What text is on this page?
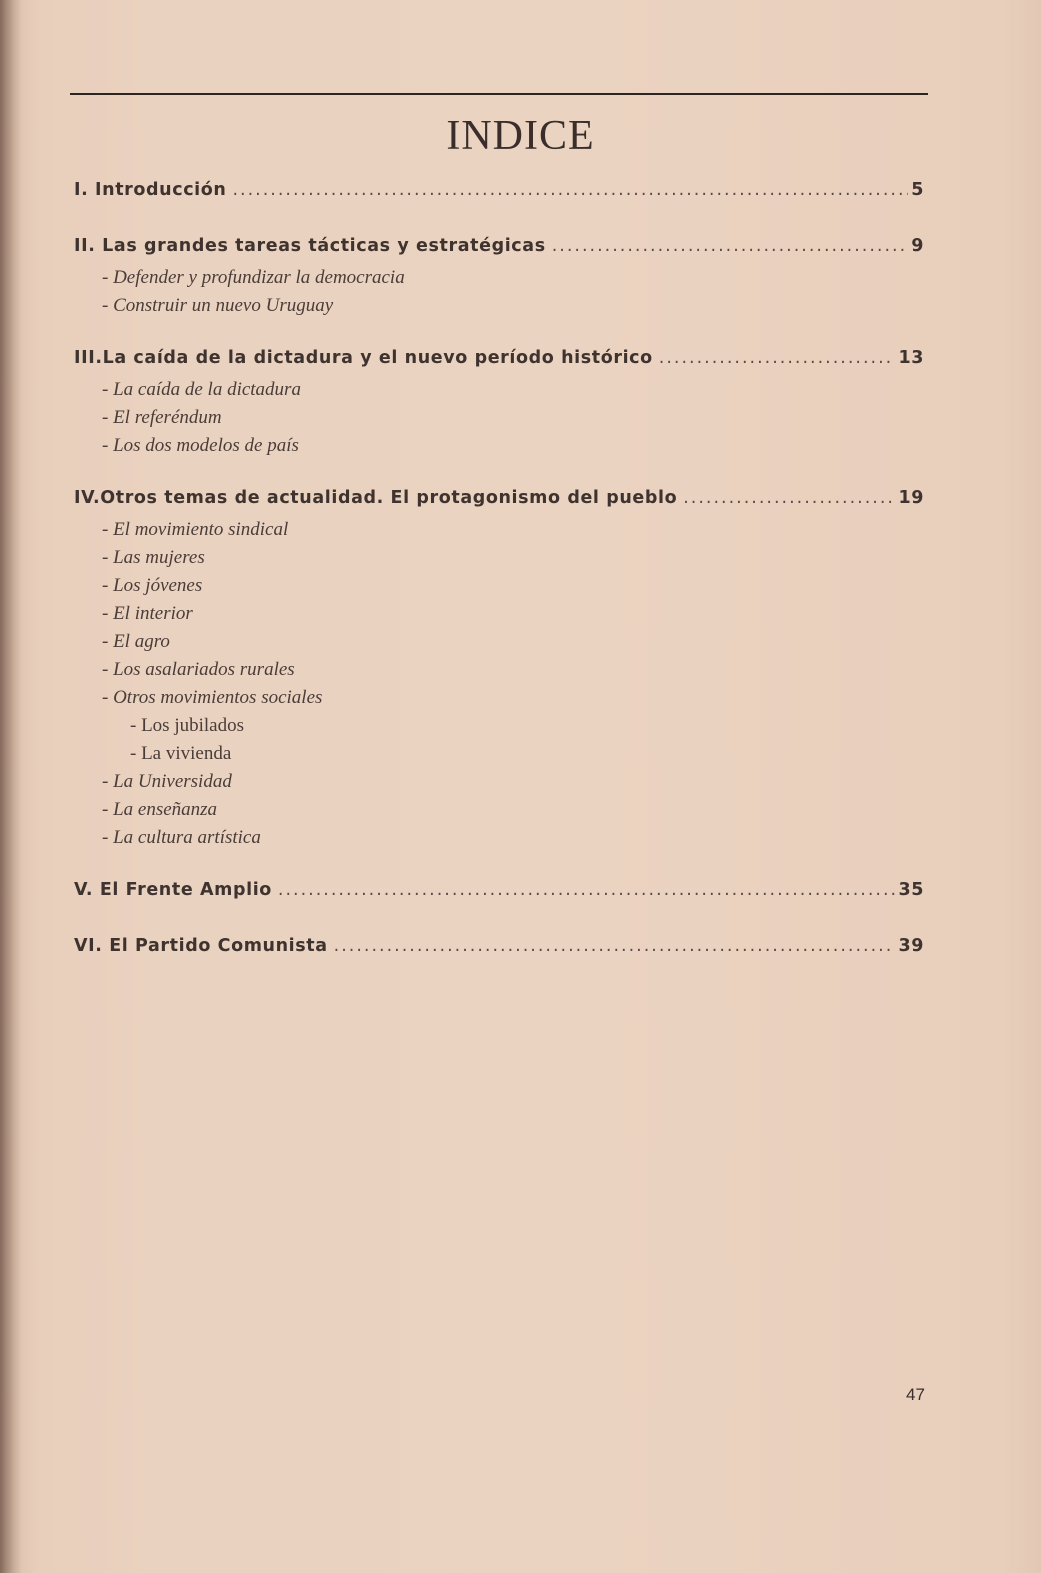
INDICE
I. Introducción .....	5
II. Las grandes tareas tácticas y estratégicas .....	9
- Defender y profundizar la democracia
- Construir un nuevo Uruguay
III.La caída de la dictadura y el nuevo período histórico .....	13
- La caída de la dictadura
- El referéndum
- Los dos modelos de país
IV.Otros temas de actualidad. El protagonismo del pueblo .....	19
- El movimiento sindical
- Las mujeres
- Los jóvenes
- El interior
- El agro
- Los asalariados rurales
- Otros movimientos sociales
- Los jubilados
- La vivienda
- La Universidad
- La enseñanza
- La cultura artística
V. El Frente Amplio .....	35
VI. El Partido Comunista .....	39
47
